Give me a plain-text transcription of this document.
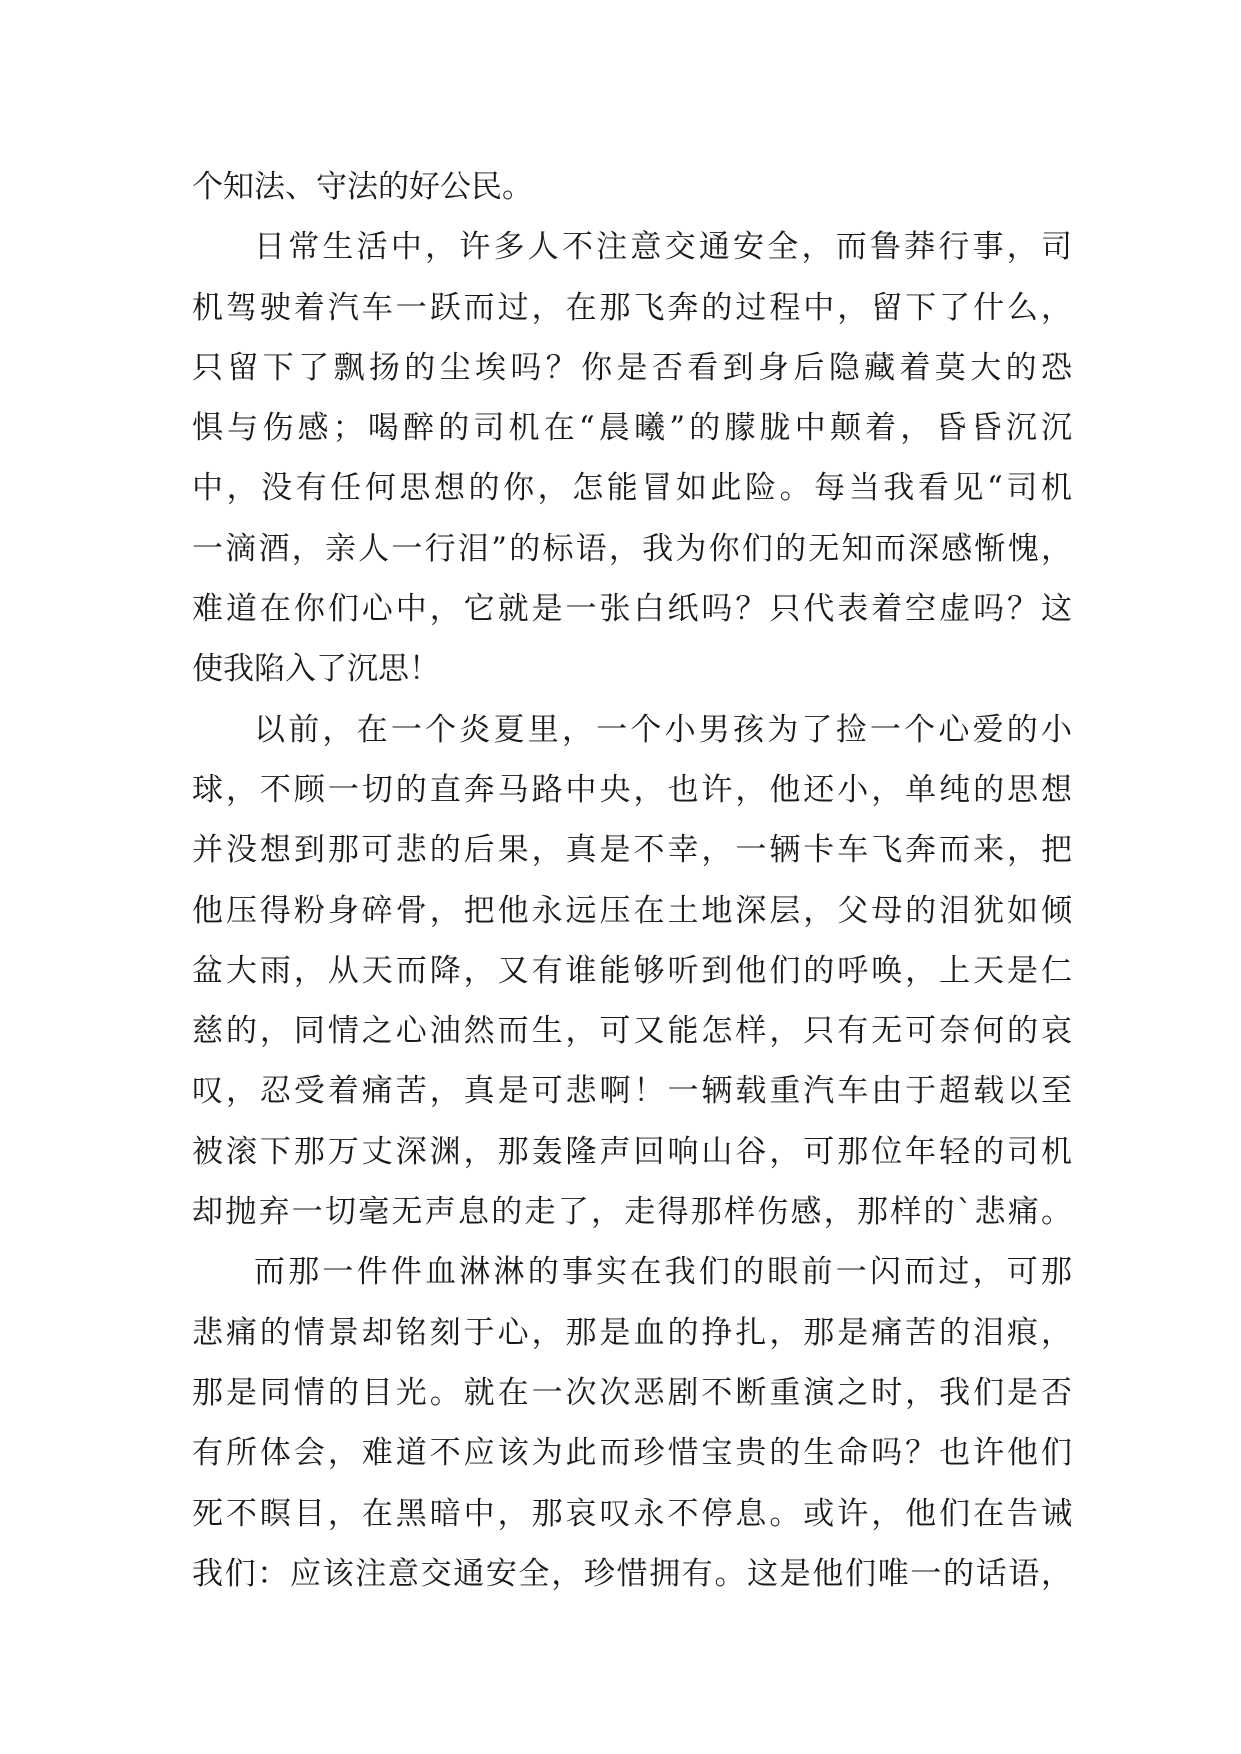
个知法、守法的好公民。
日常生活中，许多人不注意交通安全，而鲁莽行事，司
机驾驶着汽车一跃而过，在那飞奔的过程中，留下了什么，
只留下了飘扬的尘埃吗？你是否看到身后隐藏着莫大的恐
惧与伤感；喝醉的司机在“晨曦”的朦胧中颠着，昏昏沉沉
中，没有任何思想的你，怎能冒如此险。每当我看见“司机
一滴酒，亲人一行泪”的标语，我为你们的无知而深感惭愧，
难道在你们心中，它就是一张白纸吗？只代表着空虚吗？这
使我陷入了沉思！
以前，在一个炎夏里，一个小男孩为了捡一个心爱的小
球，不顾一切的直奔马路中央，也许，他还小，单纯的思想
并没想到那可悲的后果，真是不幸，一辆卡车飞奔而来，把
他压得粉身碎骨，把他永远压在土地深层，父母的泪犹如倾
盆大雨，从天而降，又有谁能够听到他们的呼唤，上天是仁
慈的，同情之心油然而生，可又能怎样，只有无可奈何的哀
叹，忍受着痛苦，真是可悲啊！一辆载重汽车由于超载以至
被滚下那万丈深渊，那轰隆声回响山谷，可那位年轻的司机
却抛弃一切毫无声息的走了，走得那样伤感，那样的`悲痛。
而那一件件血淋淋的事实在我们的眼前一闪而过，可那
悲痛的情景却铭刻于心，那是血的挣扎，那是痛苦的泪痕，
那是同情的目光。就在一次次恶剧不断重演之时，我们是否
有所体会，难道不应该为此而珍惜宝贵的生命吗？也许他们
死不瞑目，在黑暗中，那哀叹永不停息。或许，他们在告诫
我们：应该注意交通安全，珍惜拥有。这是他们唯一的话语，
